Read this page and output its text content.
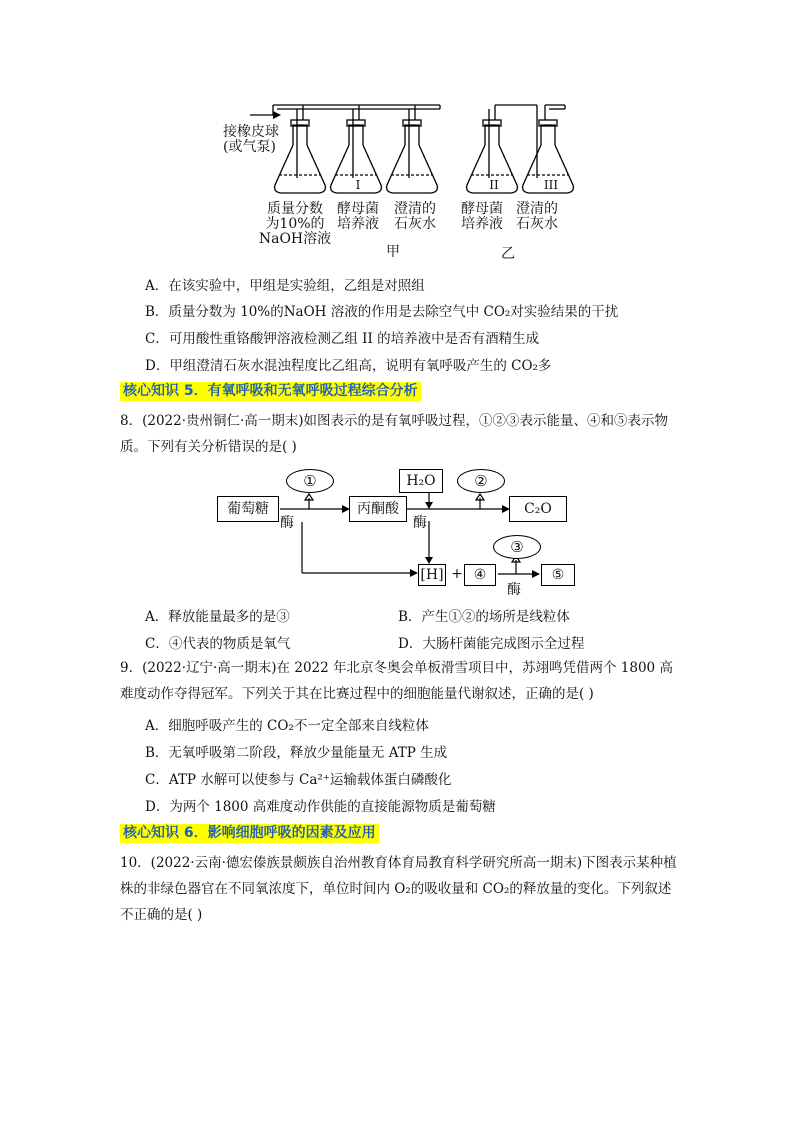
接橡皮球
(或气泵)
I	II	III
质量分数
为10%的
NaOH溶液
酵母菌
培养液
澄清的
石灰水
酵母菌
培养液
澄清的
石灰水
甲	乙
A．在该实验中，甲组是实验组，乙组是对照组
B．质量分数为 10%的NaOH 溶液的作用是去除空气中 CO₂对实验结果的干扰
C．可用酸性重铬酸钾溶液检测乙组 II 的培养液中是否有酒精生成
D．甲组澄清石灰水混浊程度比乙组高，说明有氧呼吸产生的 CO₂多
核心知识 5．有氧呼吸和无氧呼吸过程综合分析
8．(2022·贵州铜仁·高一期末)如图表示的是有氧呼吸过程，①②③表示能量、④和⑤表示物质。下列有关分析错误的是( )
葡萄糖	丙酮酸
H₂O
C₂O
[H] + ④	⑤
①	②
③
酶	酶
酶
A．释放能量最多的是③	B．产生①②的场所是线粒体
C．④代表的物质是氧气	D．大肠杆菌能完成图示全过程
9．(2022·辽宁·高一期末)在 2022 年北京冬奥会单板滑雪项目中，苏翊鸣凭借两个 1800 高难度动作夺得冠军。下列关于其在比赛过程中的细胞能量代谢叙述，正确的是( )
A．细胞呼吸产生的 CO₂不一定全部来自线粒体
B．无氧呼吸第二阶段，释放少量能量无 ATP 生成
C．ATP 水解可以使参与 Ca²⁺运输载体蛋白磷酸化
D．为两个 1800 高难度动作供能的直接能源物质是葡萄糖
核心知识 6．影响细胞呼吸的因素及应用
10．(2022·云南·德宏傣族景颇族自治州教育体育局教育科学研究所高一期末)下图表示某种植株的非绿色器官在不同氧浓度下，单位时间内 O₂的吸收量和 CO₂的释放量的变化。下列叙述不正确的是( )
